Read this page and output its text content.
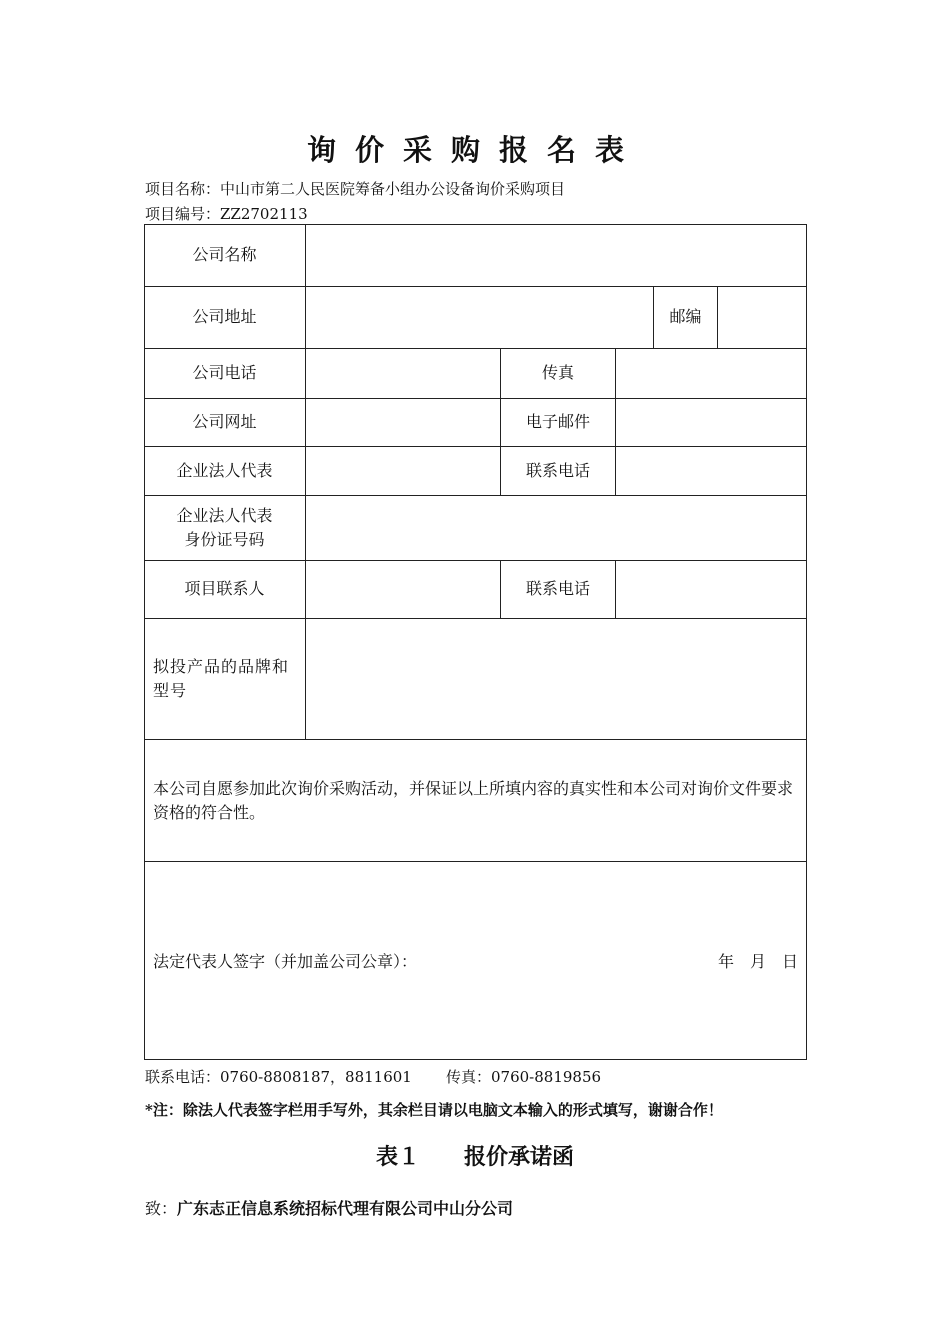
询价采购报名表
项目名称：中山市第二人民医院筹备小组办公设备询价采购项目
项目编号：ZZ2702113
公司名称
公司地址	邮编
公司电话	传真
公司网址	电子邮件
企业法人代表	联系电话
企业法人代表
身份证号码
项目联系人	联系电话
拟投产品的品牌和型号
本公司自愿参加此次询价采购活动，并保证以上所填内容的真实性和本公司对询价文件要求资格的符合性。
法定代表人签字（并加盖公司公章）：	年　月　日
联系电话：0760-8808187，8811601 传真：0760-8819856
*注：除法人代表签字栏用手写外，其余栏目请以电脑文本输入的形式填写，谢谢合作！
表１　　报价承诺函
致：广东志正信息系统招标代理有限公司中山分公司
